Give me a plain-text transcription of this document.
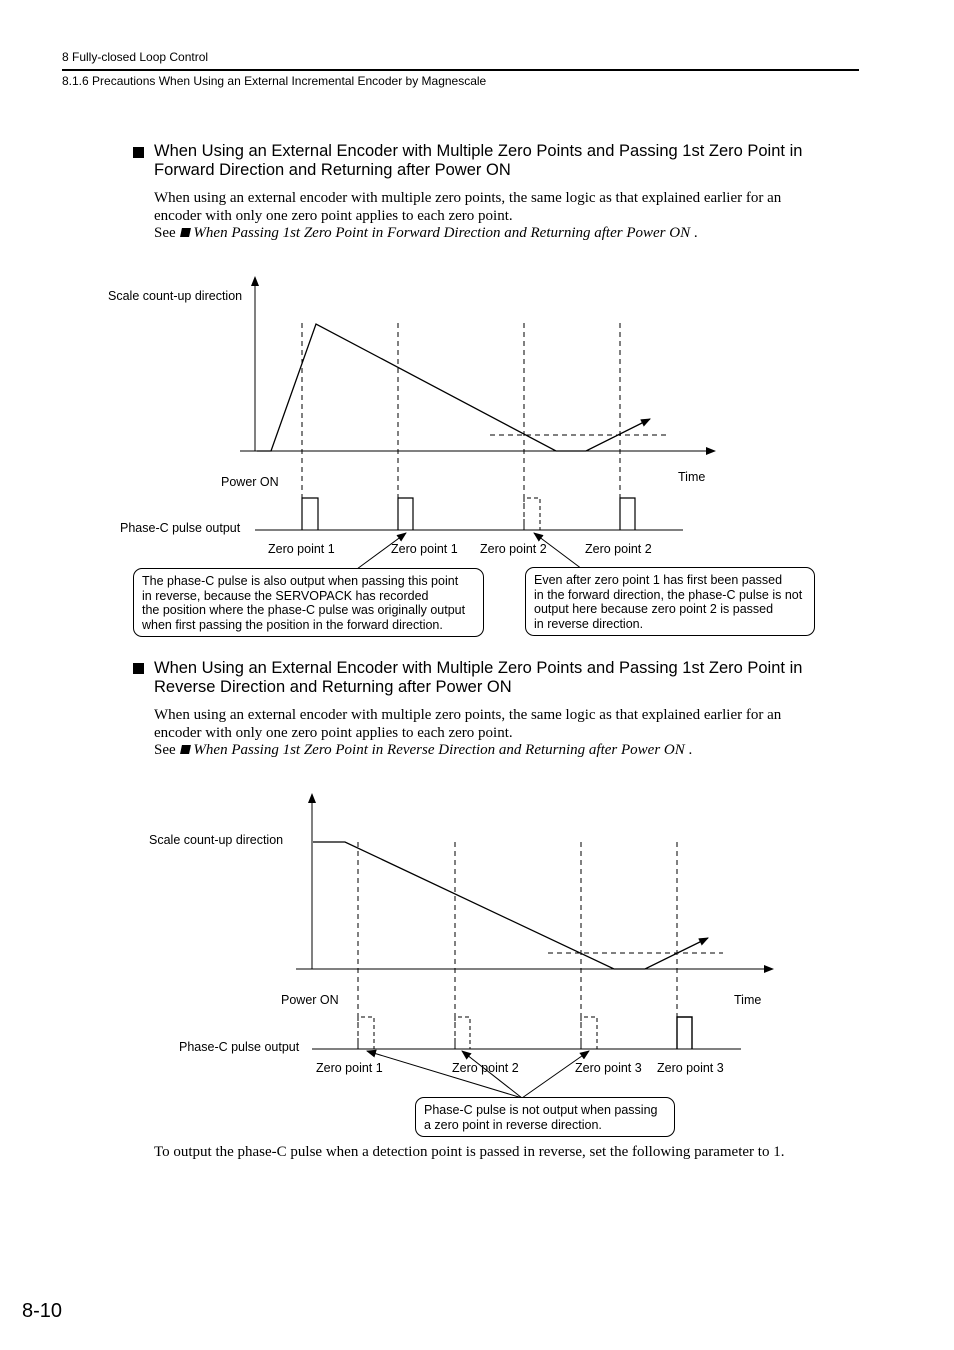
8 Fully-closed Loop Control
8.1.6 Precautions When Using an External Incremental Encoder by Magnescale
When Using an External Encoder with Multiple Zero Points and Passing 1st Zero Point in
Forward Direction and Returning after Power ON
When using an external encoder with multiple zero points, the same logic as that explained earlier for an
encoder with only one zero point applies to each zero point.
See When Passing 1st Zero Point in Forward Direction and Returning after Power ON .
Scale count-up direction
Time
Power ON
Phase-C pulse output
Zero point 1	Zero point 1 Zero point 2	Zero point 2
The phase-C pulse is also output when passing this point
in reverse, because the SERVOPACK has recorded
the position where the phase-C pulse was originally output
when first passing the position in the forward direction.
Even after zero point 1 has first been passed
in the forward direction, the phase-C pulse is not
output here because zero point 2 is passed
in reverse direction.
When Using an External Encoder with Multiple Zero Points and Passing 1st Zero Point in
Reverse Direction and Returning after Power ON
When using an external encoder with multiple zero points, the same logic as that explained earlier for an
encoder with only one zero point applies to each zero point.
See When Passing 1st Zero Point in Reverse Direction and Returning after Power ON .
Scale count-up direction
Time
Power ON
Phase-C pulse output
Zero point 1	Zero point 2	Zero point 3 Zero point 3
Phase-C pulse is not output when passing
a zero point in reverse direction.
To output the phase-C pulse when a detection point is passed in reverse, set the following parameter to 1.
8-10
